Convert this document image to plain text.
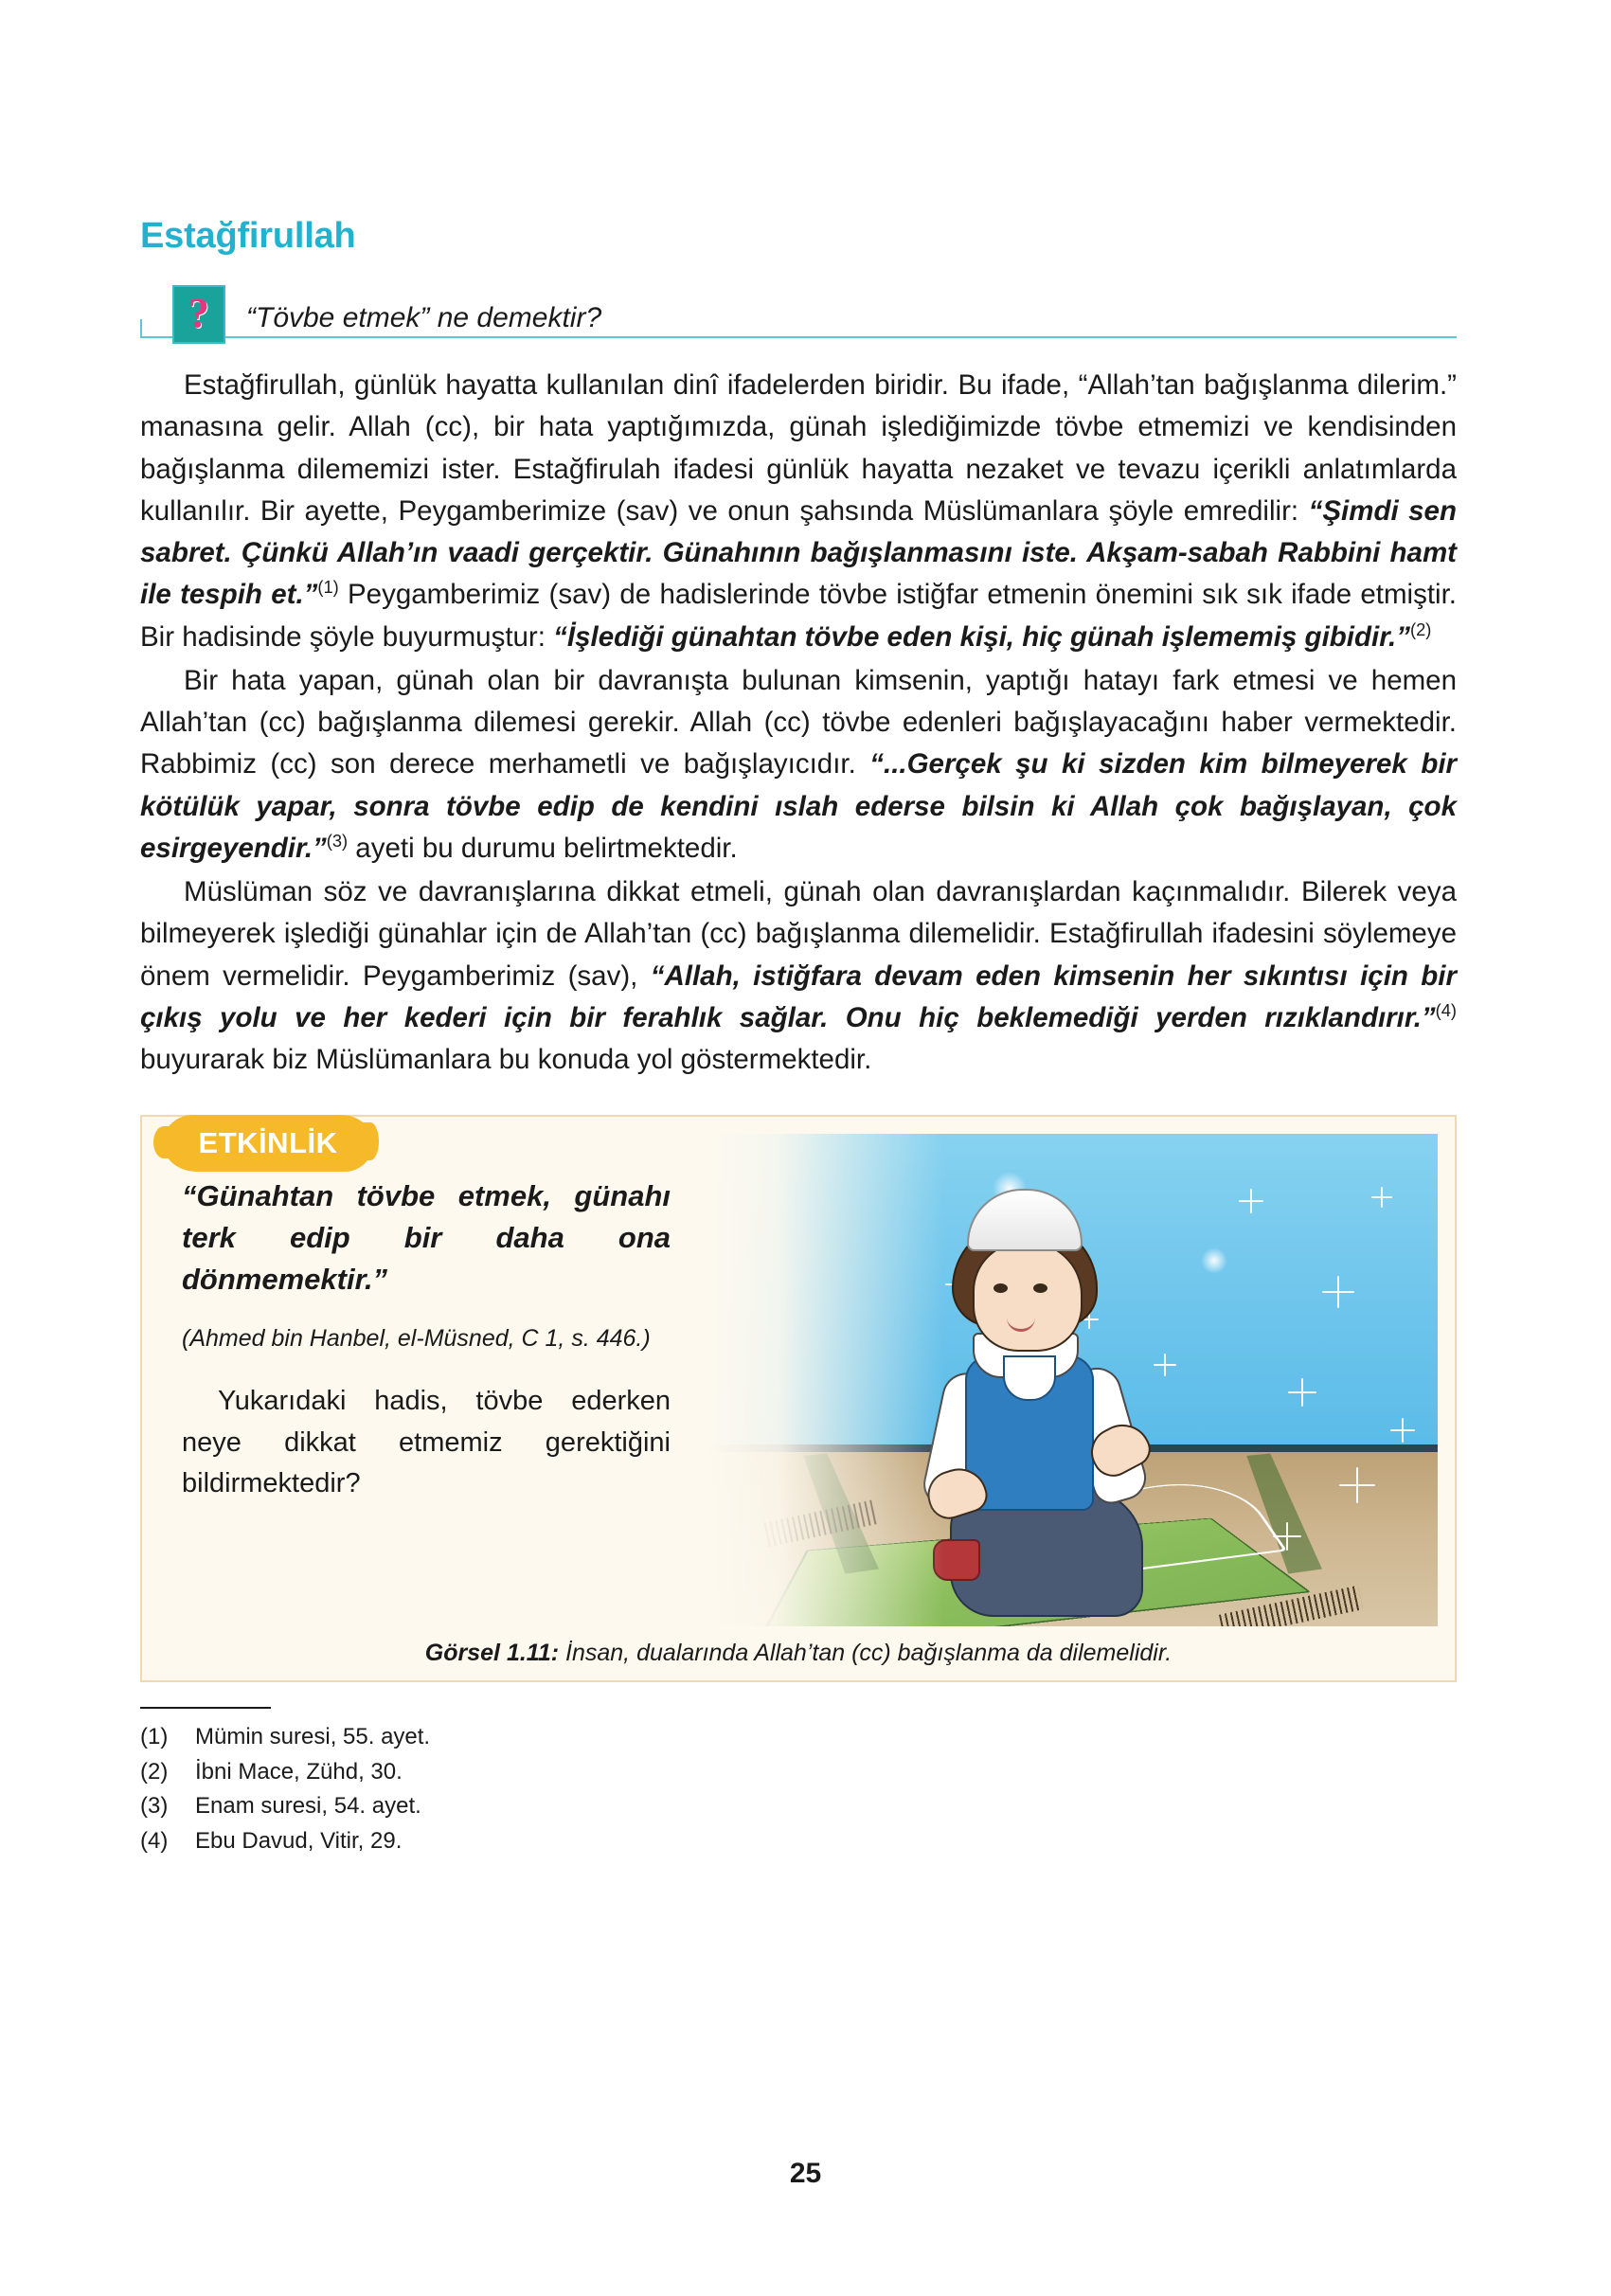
Estağfirullah
?	“Tövbe etmek” ne demektir?

Estağfirullah, günlük hayatta kullanılan dinî ifadelerden biridir. Bu ifade, “Allah’tan bağışlanma dilerim.” manasına gelir. Allah (cc), bir hata yaptığımızda, günah işlediğimizde tövbe etmemizi ve kendisinden bağışlanma dilememizi ister. Estağfirulah ifadesi günlük hayatta nezaket ve tevazu içerikli anlatımlarda kullanılır. Bir ayette, Peygamberimize (sav) ve onun şahsında Müslümanlara şöyle emredilir: “Şimdi sen sabret. Çünkü Allah’ın vaadi gerçektir. Günahının bağışlanmasını iste. Akşam-sabah Rabbini hamt ile tespih et.”$^{(1)}$ Peygamberimiz (sav) de hadislerinde tövbe istiğfar etmenin önemini sık sık ifade etmiştir. Bir hadisinde şöyle buyurmuştur: “İşlediği günahtan tövbe eden kişi, hiç günah işlememiş gibidir.”$^{(2)}$

Bir hata yapan, günah olan bir davranışta bulunan kimsenin, yaptığı hatayı fark etmesi ve hemen Allah’tan (cc) bağışlanma dilemesi gerekir. Allah (cc) tövbe edenleri bağışlayacağını haber vermektedir. Rabbimiz (cc) son derece merhametli ve bağışlayıcıdır. “...Gerçek şu ki sizden kim bilmeyerek bir kötülük yapar, sonra tövbe edip de kendini ıslah ederse bilsin ki Allah çok bağışlayan, çok esirgeyendir.”$^{(3)}$ ayeti bu durumu belirtmektedir.

Müslüman söz ve davranışlarına dikkat etmeli, günah olan davranışlardan kaçınmalıdır. Bilerek veya bilmeyerek işlediği günahlar için de Allah’tan (cc) bağışlanma dilemelidir. Estağfirullah ifadesini söylemeye önem vermelidir. Peygamberimiz (sav), “Allah, istiğfara devam eden kimsenin her sıkıntısı için bir çıkış yolu ve her kederi için bir ferahlık sağlar. Onu hiç beklemediği yerden rızıklandırır.”$^{(4)}$ buyurarak biz Müslümanlara bu konuda yol göstermektedir.

ETKİNLİK

“Günahtan tövbe etmek, günahı terk edip bir daha ona dönmemektir.”

(Ahmed bin Hanbel, el-Müsned, C 1, s. 446.)

Yukarıdaki hadis, tövbe ederken neye dikkat etmemiz gerektiğini bildirmektedir?

Görsel 1.11: İnsan, dualarında Allah’tan (cc) bağışlanma da dilemelidir.
(1)	Mümin suresi, 55. ayet.
(2)	İbni Mace, Zühd, 30.
(3)	Enam suresi, 54. ayet.
(4)	Ebu Davud, Vitir, 29.
25
